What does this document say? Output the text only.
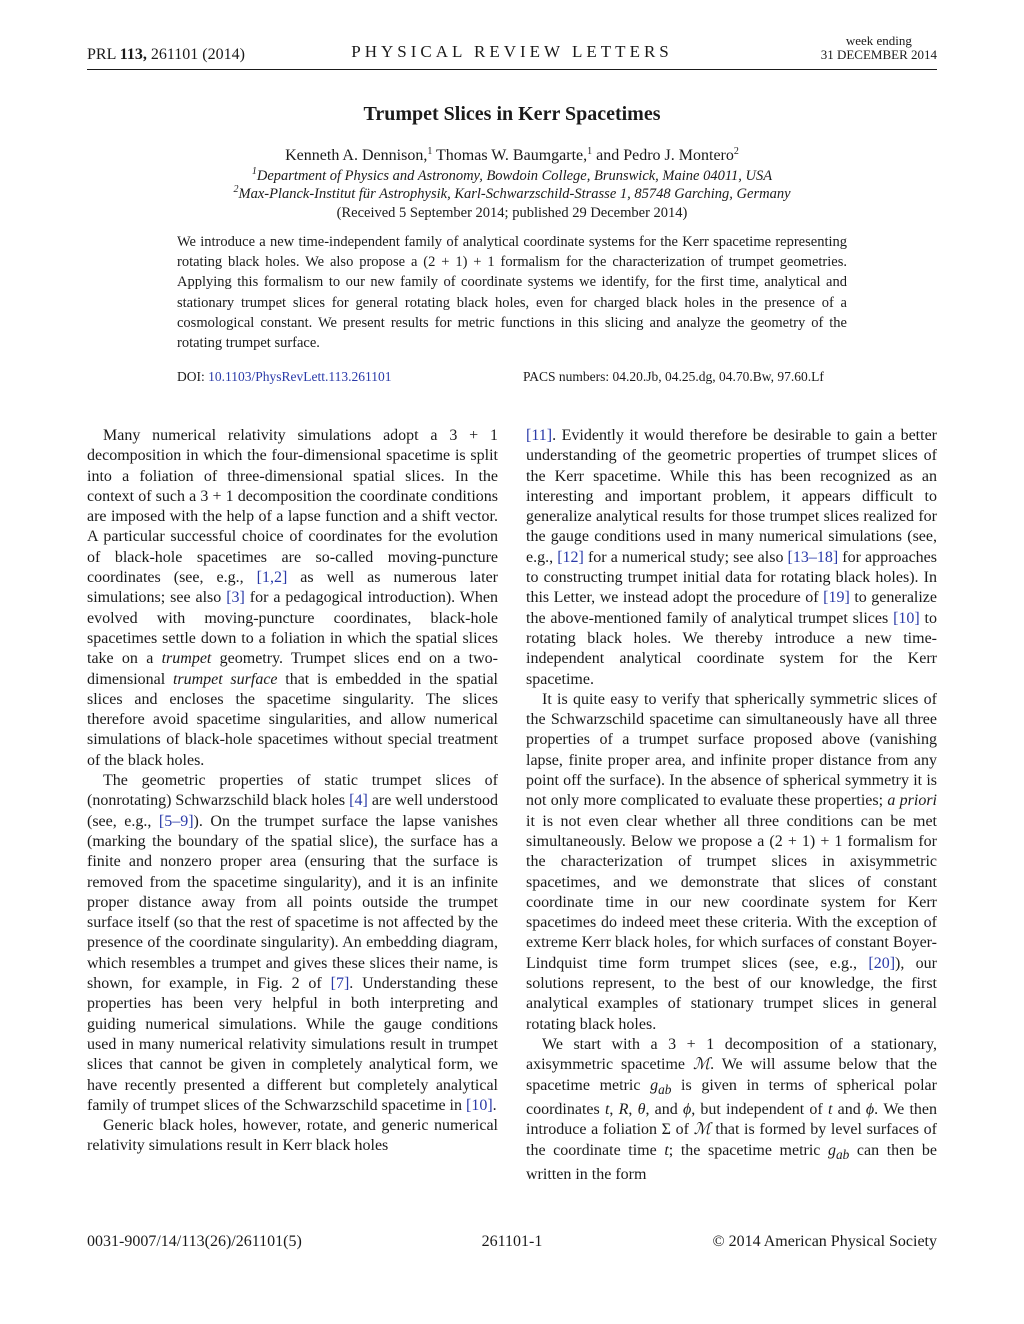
PRL 113, 261101 (2014)	PHYSICAL REVIEW LETTERS
week ending
31 DECEMBER 2014
Trumpet Slices in Kerr Spacetimes
Kenneth A. Dennison,$^1$ Thomas W. Baumgarte,$^1$ and Pedro J. Montero$^2$
$^1$Department of Physics and Astronomy, Bowdoin College, Brunswick, Maine 04011, USA
$^2$Max-Planck-Institut für Astrophysik, Karl-Schwarzschild-Strasse 1, 85748 Garching, Germany
(Received 5 September 2014; published 29 December 2014)
We introduce a new time-independent family of analytical coordinate systems for the Kerr spacetime representing rotating black holes. We also propose a (2 + 1) + 1 formalism for the characterization of trumpet geometries. Applying this formalism to our new family of coordinate systems we identify, for the first time, analytical and stationary trumpet slices for general rotating black holes, even for charged black holes in the presence of a cosmological constant. We present results for metric functions in this slicing and analyze the geometry of the rotating trumpet surface.
DOI: 10.1103/PhysRevLett.113.261101	PACS numbers: 04.20.Jb, 04.25.dg, 04.70.Bw, 97.60.Lf

Many numerical relativity simulations adopt a 3 + 1 decomposition in which the four-dimensional spacetime is split into a foliation of three-dimensional spatial slices. In the context of such a 3 + 1 decomposition the coordinate conditions are imposed with the help of a lapse function and a shift vector. A particular successful choice of coordinates for the evolution of black-hole spacetimes are so-called moving-puncture coordinates (see, e.g., [1,2] as well as numerous later simulations; see also [3] for a pedagogical introduction). When evolved with moving-puncture coordinates, black-hole spacetimes settle down to a foliation in which the spatial slices take on a trumpet geometry. Trumpet slices end on a two-dimensional trumpet surface that is embedded in the spatial slices and encloses the spacetime singularity. The slices therefore avoid spacetime singularities, and allow numerical simulations of black-hole spacetimes without special treatment of the black holes.

The geometric properties of static trumpet slices of (nonrotating) Schwarzschild black holes [4] are well understood (see, e.g., [5–9]). On the trumpet surface the lapse vanishes (marking the boundary of the spatial slice), the surface has a finite and nonzero proper area (ensuring that the surface is removed from the spacetime singularity), and it is an infinite proper distance away from all points outside the trumpet surface itself (so that the rest of spacetime is not affected by the presence of the coordinate singularity). An embedding diagram, which resembles a trumpet and gives these slices their name, is shown, for example, in Fig. 2 of [7]. Understanding these properties has been very helpful in both interpreting and guiding numerical simulations. While the gauge conditions used in many numerical relativity simulations result in trumpet slices that cannot be given in completely analytical form, we have recently presented a different but completely analytical family of trumpet slices of the Schwarzschild spacetime in [10].

Generic black holes, however, rotate, and generic numerical relativity simulations result in Kerr black holes

[11]. Evidently it would therefore be desirable to gain a better understanding of the geometric properties of trumpet slices of the Kerr spacetime. While this has been recognized as an interesting and important problem, it appears difficult to generalize analytical results for those trumpet slices realized for the gauge conditions used in many numerical simulations (see, e.g., [12] for a numerical study; see also [13–18] for approaches to constructing trumpet initial data for rotating black holes). In this Letter, we instead adopt the procedure of [19] to generalize the above-mentioned family of analytical trumpet slices [10] to rotating black holes. We thereby introduce a new time-independent analytical coordinate system for the Kerr spacetime.

It is quite easy to verify that spherically symmetric slices of the Schwarzschild spacetime can simultaneously have all three properties of a trumpet surface proposed above (vanishing lapse, finite proper area, and infinite proper distance from any point off the surface). In the absence of spherical symmetry it is not only more complicated to evaluate these properties; a priori it is not even clear whether all three conditions can be met simultaneously. Below we propose a (2 + 1) + 1 formalism for the characterization of trumpet slices in axisymmetric spacetimes, and we demonstrate that slices of constant coordinate time in our new coordinate system for Kerr spacetimes do indeed meet these criteria. With the exception of extreme Kerr black holes, for which surfaces of constant Boyer-Lindquist time form trumpet slices (see, e.g., [20]), our solutions represent, to the best of our knowledge, the first analytical examples of stationary trumpet slices in general rotating black holes.

We start with a 3 + 1 decomposition of a stationary, axisymmetric spacetime ℳ. We will assume below that the spacetime metric $g_{ab}$ is given in terms of spherical polar coordinates t, R, θ, and ϕ, but independent of t and ϕ. We then introduce a foliation Σ of ℳ that is formed by level surfaces of the coordinate time t; the spacetime metric $g_{ab}$ can then be written in the form

0031-9007/14/113(26)/261101(5)	261101-1	© 2014 American Physical Society
